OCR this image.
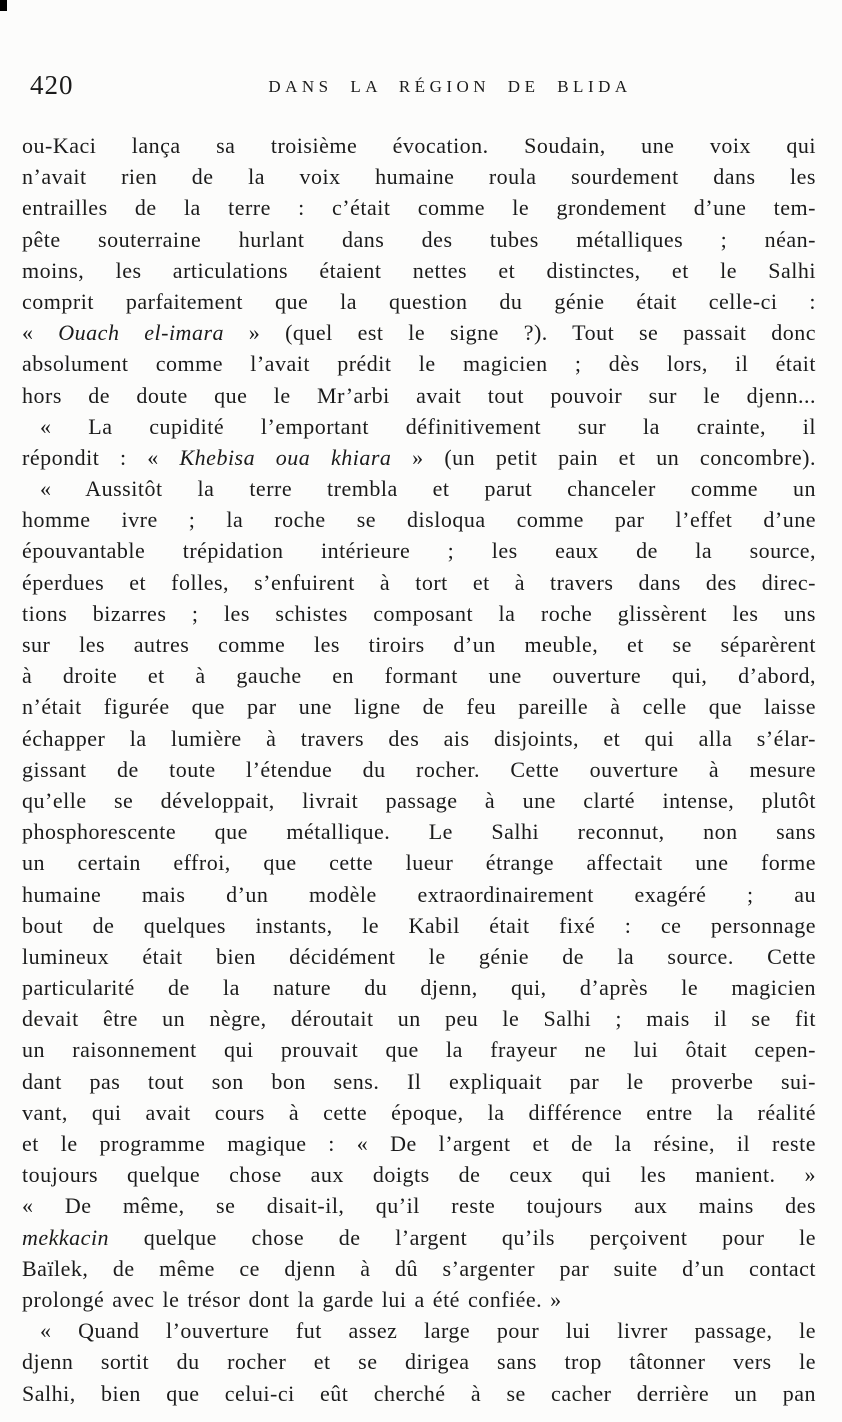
420	DANS LA RÉGION DE BLIDA
ou-Kaci lança sa troisième évocation. Soudain, une voix qui
n’avait rien de la voix humaine roula sourdement dans les
entrailles de la terre : c’était comme le grondement d’une tem-
pête souterraine hurlant dans des tubes métalliques ; néan-
moins, les articulations étaient nettes et distinctes, et le Salhi
comprit parfaitement que la question du génie était celle-ci :
« Ouach el-imara » (quel est le signe ?). Tout se passait donc
absolument comme l’avait prédit le magicien ; dès lors, il était
hors de doute que le Mr’arbi avait tout pouvoir sur le djenn...
« La cupidité l’emportant définitivement sur la crainte, il
répondit : « Khebisa oua khiara » (un petit pain et un concombre).
« Aussitôt la terre trembla et parut chanceler comme un
homme ivre ; la roche se disloqua comme par l’effet d’une
épouvantable trépidation intérieure ; les eaux de la source,
éperdues et folles, s’enfuirent à tort et à travers dans des direc-
tions bizarres ; les schistes composant la roche glissèrent les uns
sur les autres comme les tiroirs d’un meuble, et se séparèrent
à droite et à gauche en formant une ouverture qui, d’abord,
n’était figurée que par une ligne de feu pareille à celle que laisse
échapper la lumière à travers des ais disjoints, et qui alla s’élar-
gissant de toute l’étendue du rocher. Cette ouverture à mesure
qu’elle se développait, livrait passage à une clarté intense, plutôt
phosphorescente que métallique. Le Salhi reconnut, non sans
un certain effroi, que cette lueur étrange affectait une forme
humaine mais d’un modèle extraordinairement exagéré ; au
bout de quelques instants, le Kabil était fixé : ce personnage
lumineux était bien décidément le génie de la source. Cette
particularité de la nature du djenn, qui, d’après le magicien
devait être un nègre, déroutait un peu le Salhi ; mais il se fit
un raisonnement qui prouvait que la frayeur ne lui ôtait cepen-
dant pas tout son bon sens. Il expliquait par le proverbe sui-
vant, qui avait cours à cette époque, la différence entre la réalité
et le programme magique : « De l’argent et de la résine, il reste
toujours quelque chose aux doigts de ceux qui les manient. »
« De même, se disait-il, qu’il reste toujours aux mains des
mekkacin quelque chose de l’argent qu’ils perçoivent pour le
Baïlek, de même ce djenn à dû s’argenter par suite d’un contact
prolongé avec le trésor dont la garde lui a été confiée. »
« Quand l’ouverture fut assez large pour lui livrer passage, le
djenn sortit du rocher et se dirigea sans trop tâtonner vers le
Salhi, bien que celui-ci eût cherché à se cacher derrière un pan
